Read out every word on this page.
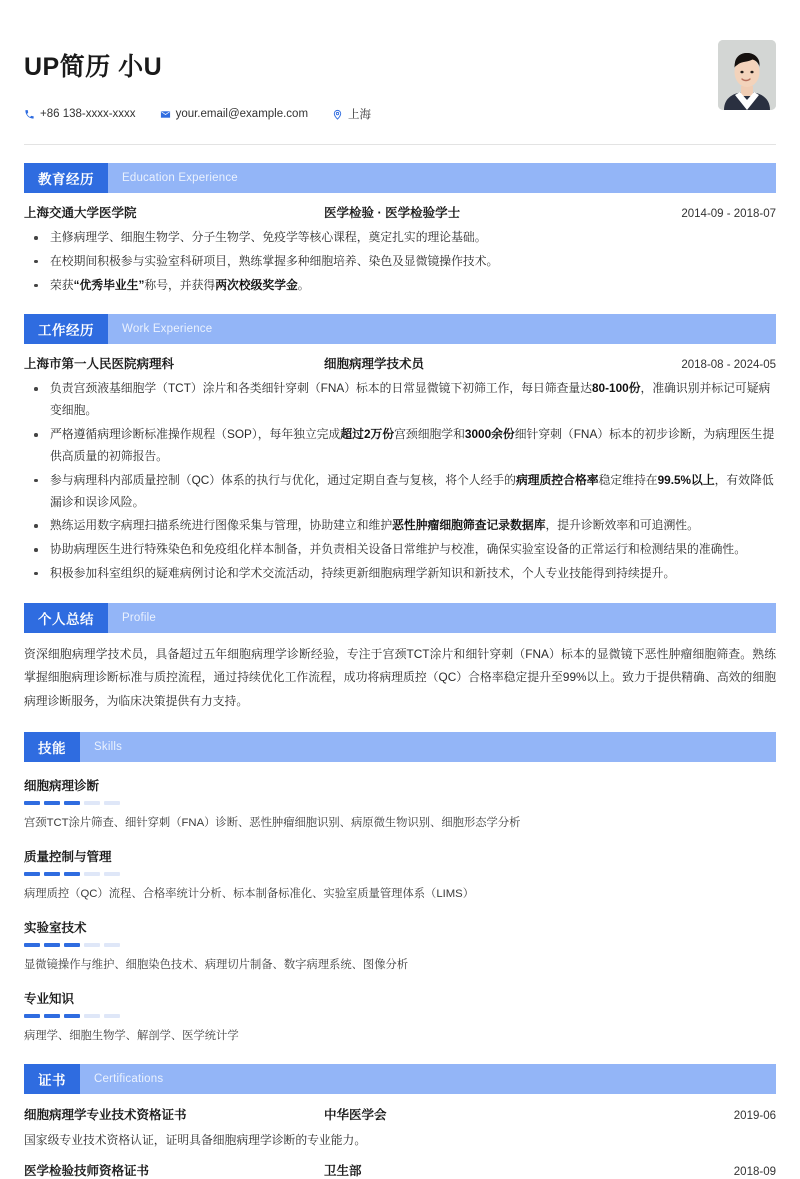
UP简历 小U
+86 138-xxxx-xxxx	your.email@example.com	上海
教育经历	Education Experience
上海交通大学医学院	医学检验 · 医学检验学士	2014-09 - 2018-07
主修病理学、细胞生物学、分子生物学、免疫学等核心课程，奠定扎实的理论基础。
在校期间积极参与实验室科研项目，熟练掌握多种细胞培养、染色及显微镜操作技术。
荣获“优秀毕业生”称号，并获得两次校级奖学金。
工作经历	Work Experience
上海市第一人民医院病理科	细胞病理学技术员	2018-08 - 2024-05
负责宫颈液基细胞学（TCT）涂片和各类细针穿刺（FNA）标本的日常显微镜下初筛工作，每日筛查量达80-100份，准确识别并标记可疑病变细胞。
严格遵循病理诊断标准操作规程（SOP），每年独立完成超过2万份宫颈细胞学和3000余份细针穿刺（FNA）标本的初步诊断，为病理医生提供高质量的初筛报告。
参与病理科内部质量控制（QC）体系的执行与优化，通过定期自查与复核，将个人经手的病理质控合格率稳定维持在99.5%以上，有效降低漏诊和误诊风险。
熟练运用数字病理扫描系统进行图像采集与管理，协助建立和维护恶性肿瘤细胞筛查记录数据库，提升诊断效率和可追溯性。
协助病理医生进行特殊染色和免疫组化样本制备，并负责相关设备日常维护与校准，确保实验室设备的正常运行和检测结果的准确性。
积极参加科室组织的疑难病例讨论和学术交流活动，持续更新细胞病理学新知识和新技术，个人专业技能得到持续提升。
个人总结	Profile
资深细胞病理学技术员，具备超过五年细胞病理学诊断经验，专注于宫颈TCT涂片和细针穿刺（FNA）标本的显微镜下恶性肿瘤细胞筛查。熟练掌握细胞病理诊断标准与质控流程，通过持续优化工作流程，成功将病理质控（QC）合格率稳定提升至99%以上。致力于提供精确、高效的细胞病理诊断服务，为临床决策提供有力支持。
技能	Skills
细胞病理诊断
宫颈TCT涂片筛查、细针穿刺（FNA）诊断、恶性肿瘤细胞识别、病原微生物识别、细胞形态学分析
质量控制与管理
病理质控（QC）流程、合格率统计分析、标本制备标准化、实验室质量管理体系（LIMS）
实验室技术
显微镜操作与维护、细胞染色技术、病理切片制备、数字病理系统、图像分析
专业知识
病理学、细胞生物学、解剖学、医学统计学
证书	Certifications
细胞病理学专业技术资格证书	中华医学会	2019-06
国家级专业技术资格认证，证明具备细胞病理学诊断的专业能力。
医学检验技师资格证书	卫生部	2018-09
